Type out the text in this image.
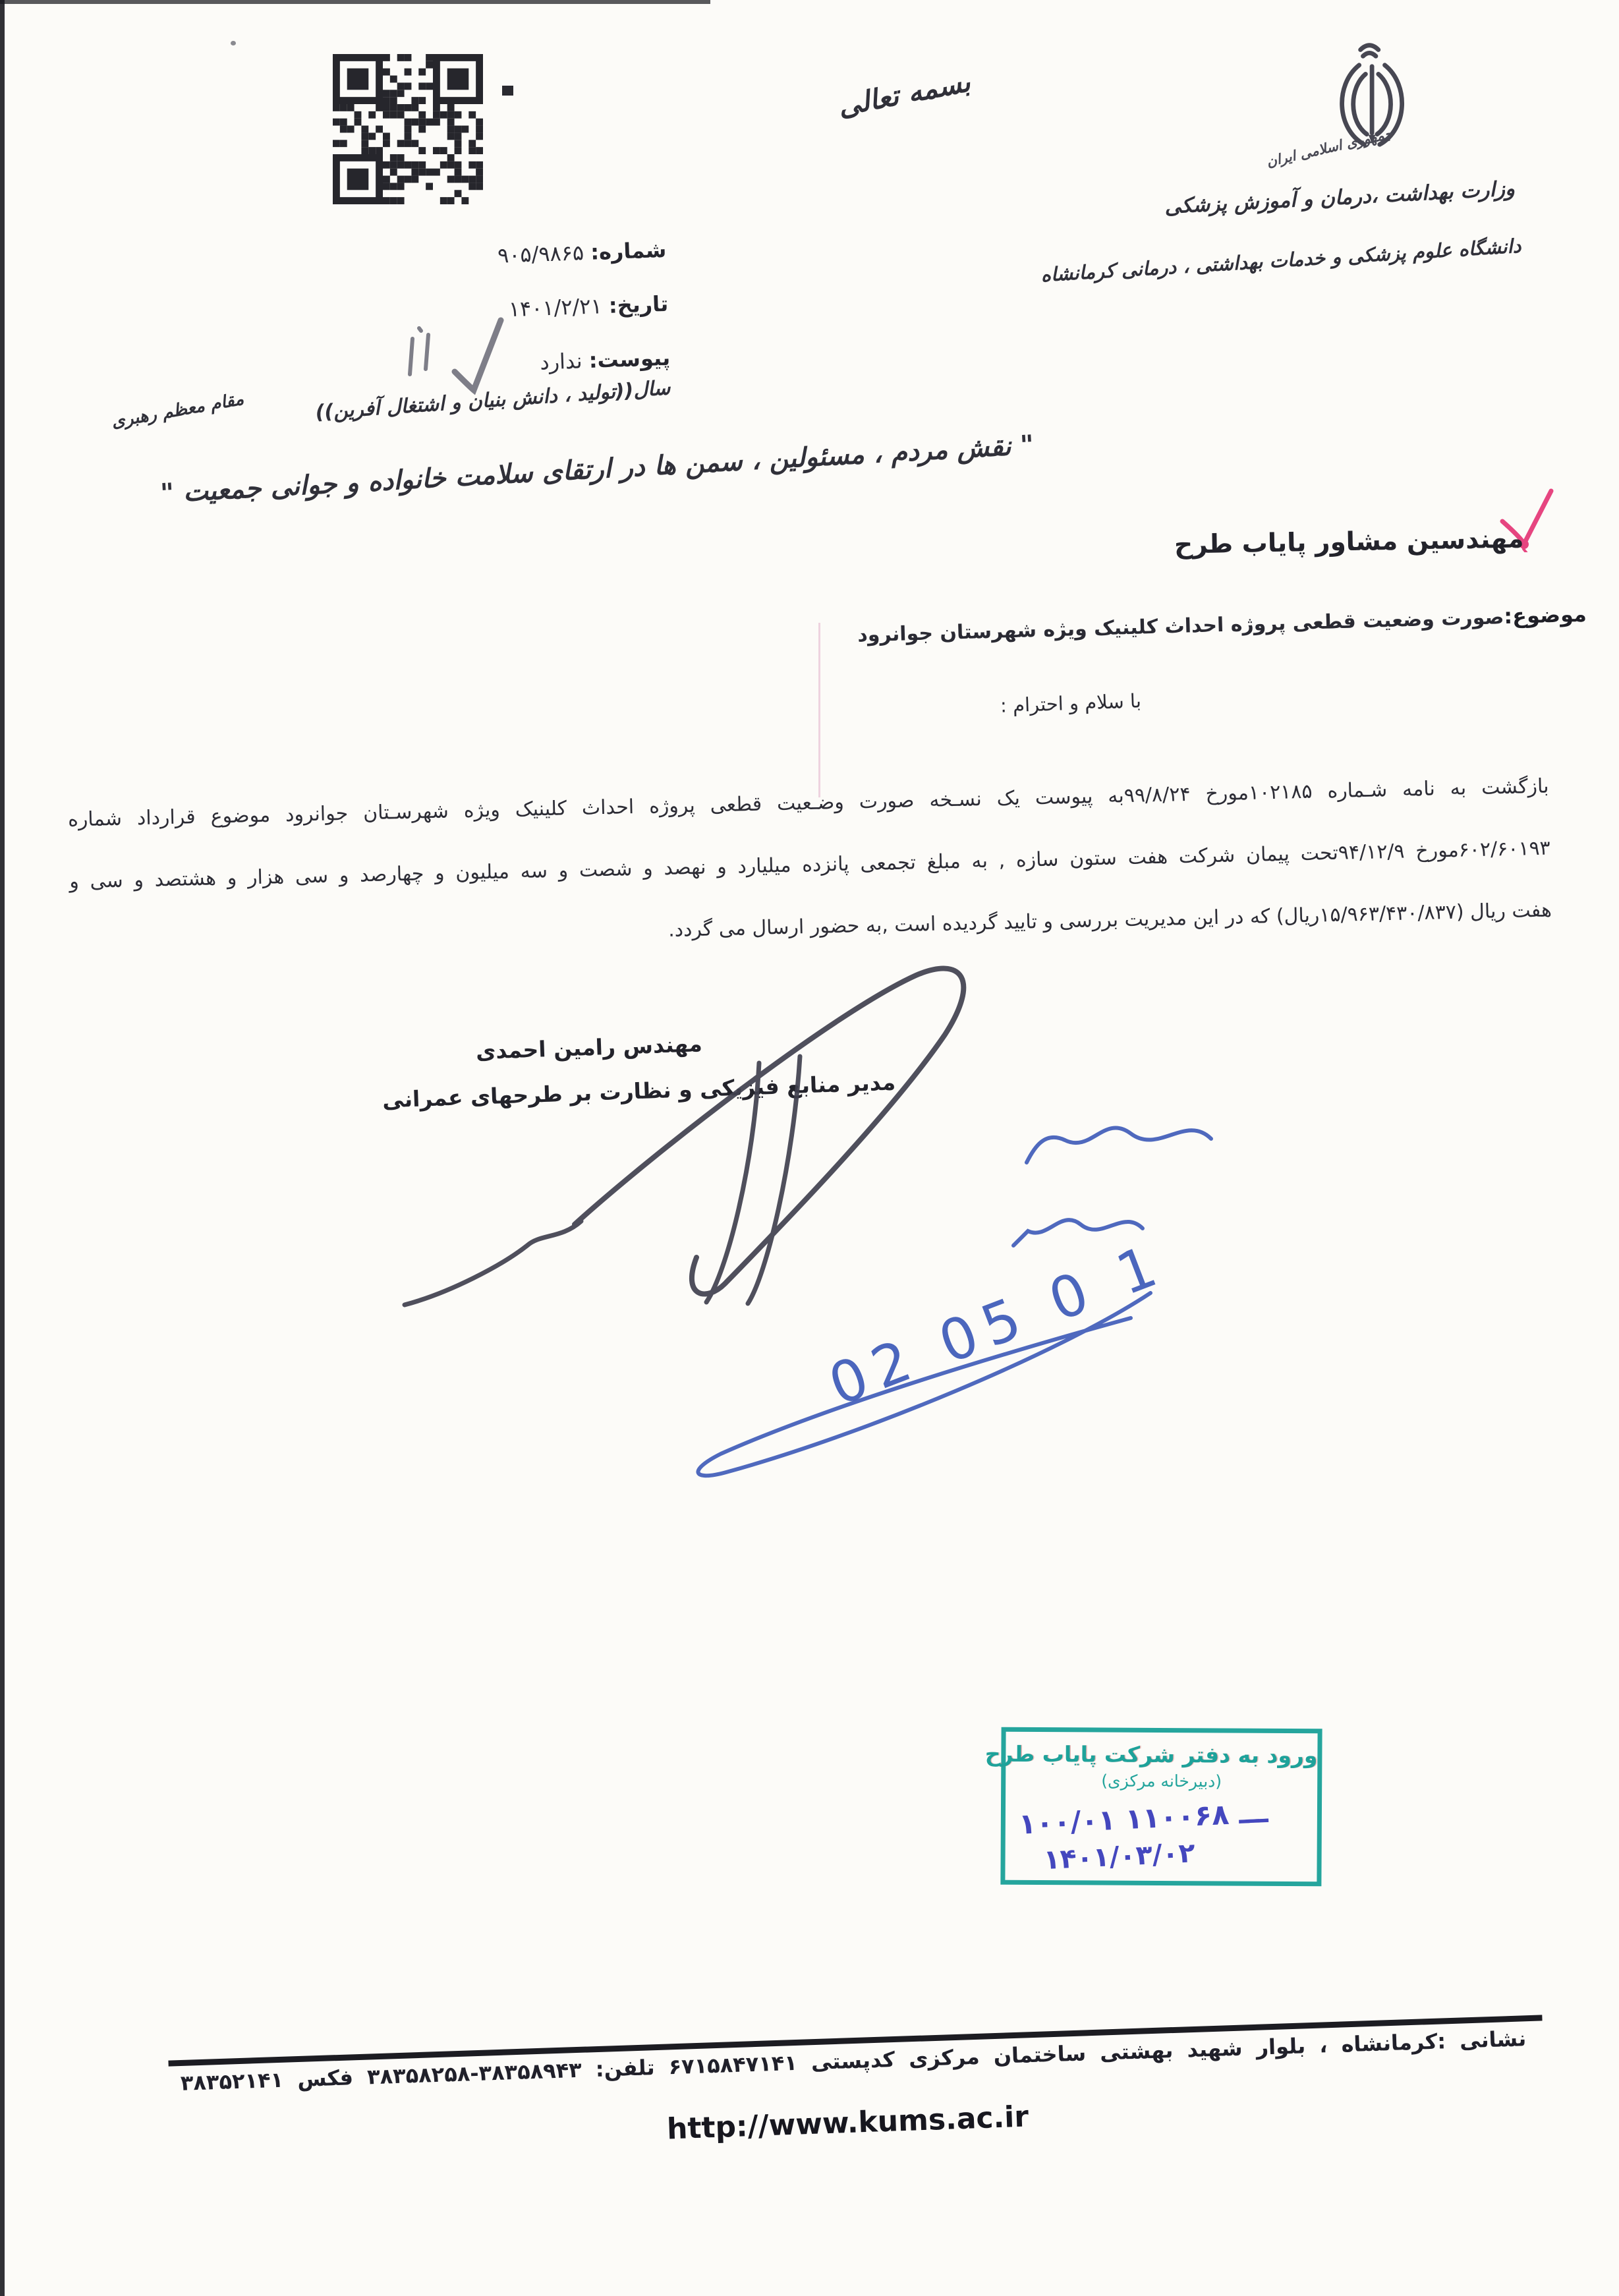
بسمه تعالی
جمهوری اسلامی ایران
وزارت بهداشت ،درمان و آموزش پزشکی
دانشگاه علوم پزشکی و خدمات بهداشتی ، درمانی کرمانشاه
شماره: ۹۰۵/۹۸۶۵
تاریخ: ۱۴۰۱/۲/۲۱
پیوست: ندارد
سال((تولید ، دانش بنیان و اشتغال آفرین))
مقام معظم رهبری
" نقش مردم ، مسئولین ، سمن ها در ارتقای سلامت خانواده و جوانی جمعیت "
مهندسین مشاور پایاب طرح
موضوع:صورت وضعیت قطعی پروژه احداث کلینیک ویژه شهرستان جوانرود
با سلام و احترام :
بازگشت به نامه شـماره ۱۰۲۱۸۵مورخ ۹۹/۸/۲۴به پیوست یک نسـخه صورت وضـعیت قطعی پروژه احداث کلینیک ویژه شهرسـتان جوانرود موضوع قرارداد شماره
۶۰۲/۶۰۱۹۳مورخ ۹۴/۱۲/۹تحت پیمان شرکت هفت ستون سازه , به مبلغ تجمعی پانزده میلیارد و نهصد و شصت و سه میلیون و چهارصد و سی هزار و هشتصد و سی و
هفت ریال (۱۵/۹۶۳/۴۳۰/۸۳۷ریال) که در این مدیریت بررسی و تایید گردیده است ,به حضور ارسال می گردد.
مهندس رامین احمدی
مدیر منابع فیزیکی و نظارت بر طرحهای عمرانی
02 05 0 1
ورود به دفتر شرکت پایاب طرح
(دبیرخانه مرکزی)
۱۰۰/۰۱ ـــ ۱۱۰۰۶۸
۱۴۰۱/۰۳/۰۲
نشانی :کرمانشاه ، بلوار شهید بهشتی ساختمان مرکزی کدپستی ۶۷۱۵۸۴۷۱۴۱ تلفن: ۳۸۳۵۸۹۴۳-۳۸۳۵۸۲۵۸ فکس ۳۸۳۵۲۱۴۱
http://www.kums.ac.ir
